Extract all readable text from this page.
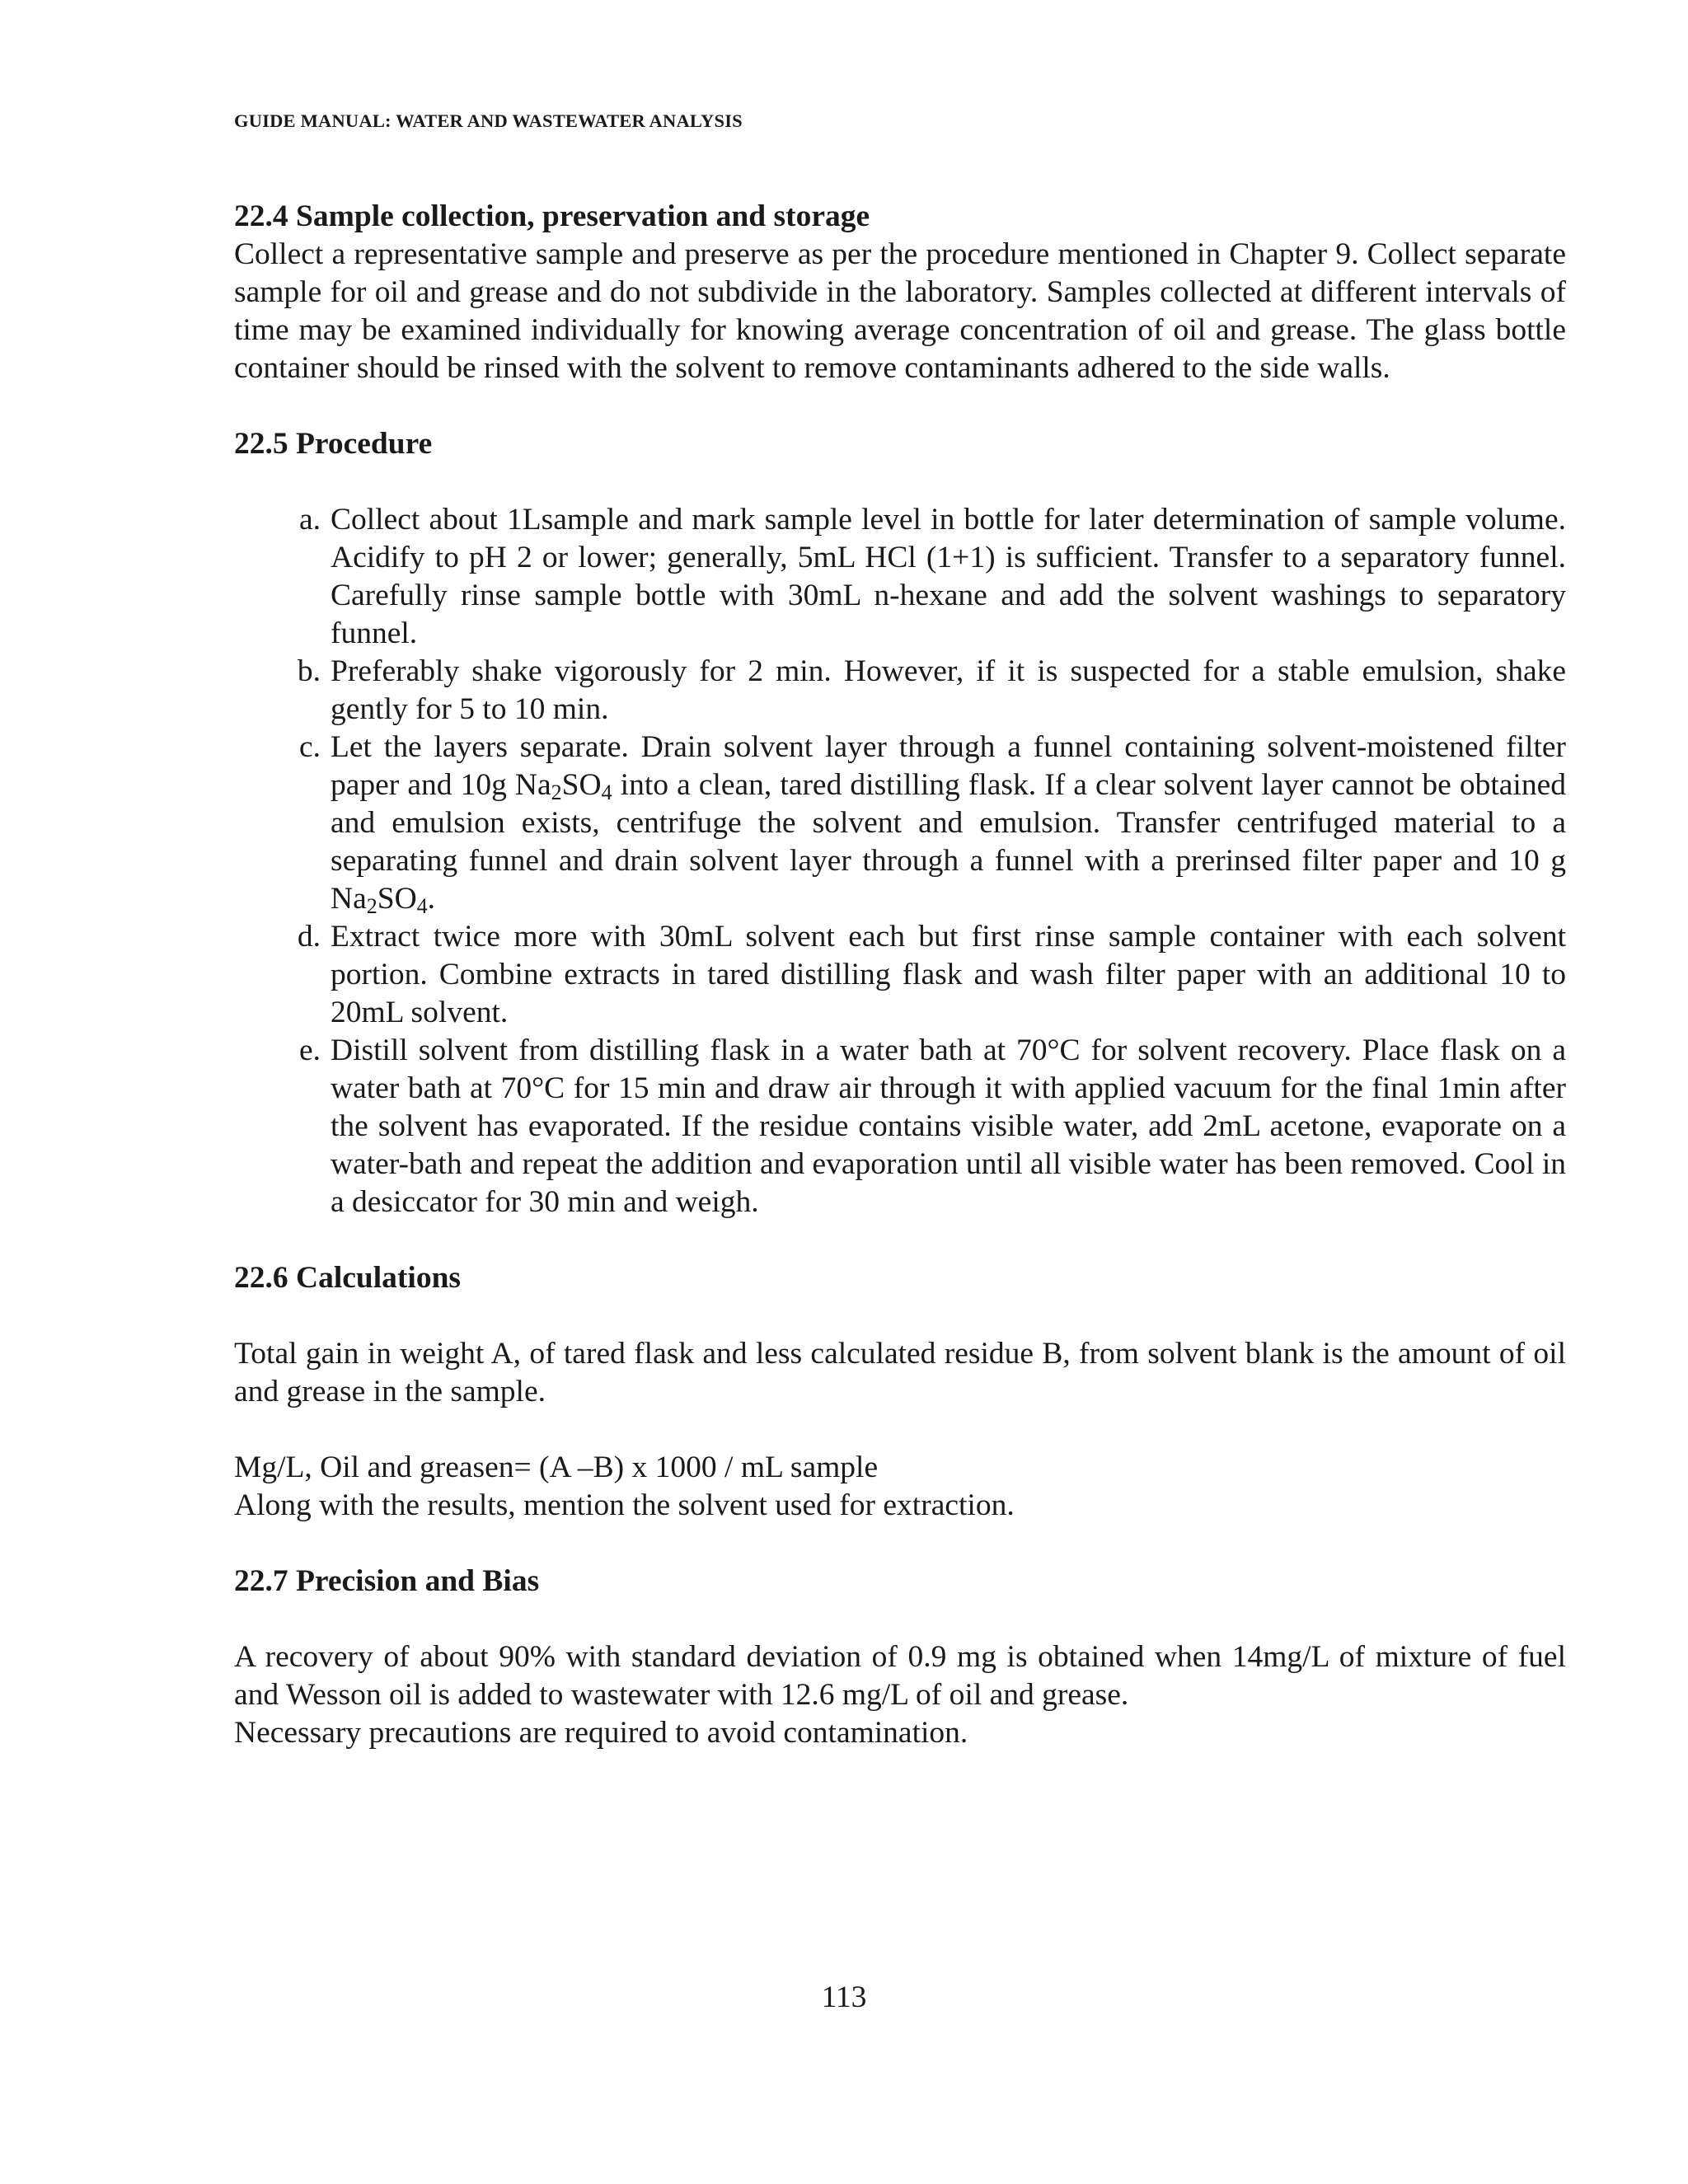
GUIDE MANUAL: WATER AND WASTEWATER ANALYSIS
22.4 Sample collection, preservation and storage

Collect a representative sample and preserve as per the procedure mentioned in Chapter 9. Collect separate sample for oil and grease and do not subdivide in the laboratory. Samples collected at different intervals of time may be examined individually for knowing average concentration of oil and grease. The glass bottle container should be rinsed with the solvent to remove contaminants adhered to the side walls.

22.5 Procedure
a. Collect about 1Lsample and mark sample level in bottle for later determination of sample volume. Acidify to pH 2 or lower; generally, 5mL HCl (1+1) is sufficient. Transfer to a separatory funnel. Carefully rinse sample bottle with 30mL n-hexane and add the solvent washings to separatory funnel.
b. Preferably shake vigorously for 2 min. However, if it is suspected for a stable emulsion, shake gently for 5 to 10 min.
c. Let the layers separate. Drain solvent layer through a funnel containing solvent-moistened filter paper and 10g $Na_2SO_4$ into a clean, tared distilling flask. If a clear solvent layer cannot be obtained and emulsion exists, centrifuge the solvent and emulsion. Transfer centrifuged material to a separating funnel and drain solvent layer through a funnel with a prerinsed filter paper and 10 g $Na_2SO_4$.
d. Extract twice more with 30mL solvent each but first rinse sample container with each solvent portion. Combine extracts in tared distilling flask and wash filter paper with an additional 10 to 20mL solvent.
e. Distill solvent from distilling flask in a water bath at 70°C for solvent recovery. Place flask on a water bath at 70°C for 15 min and draw air through it with applied vacuum for the final 1min after the solvent has evaporated. If the residue contains visible water, add 2mL acetone, evaporate on a water-bath and repeat the addition and evaporation until all visible water has been removed. Cool in a desiccator for 30 min and weigh.
22.6 Calculations

Total gain in weight A, of tared flask and less calculated residue B, from solvent blank is the amount of oil and grease in the sample.

Mg/L, Oil and greasen= (A –B) x 1000 / mL sample

Along with the results, mention the solvent used for extraction.

22.7 Precision and Bias

A recovery of about 90% with standard deviation of 0.9 mg is obtained when 14mg/L of mixture of fuel and Wesson oil is added to wastewater with 12.6 mg/L of oil and grease.

Necessary precautions are required to avoid contamination.

113
